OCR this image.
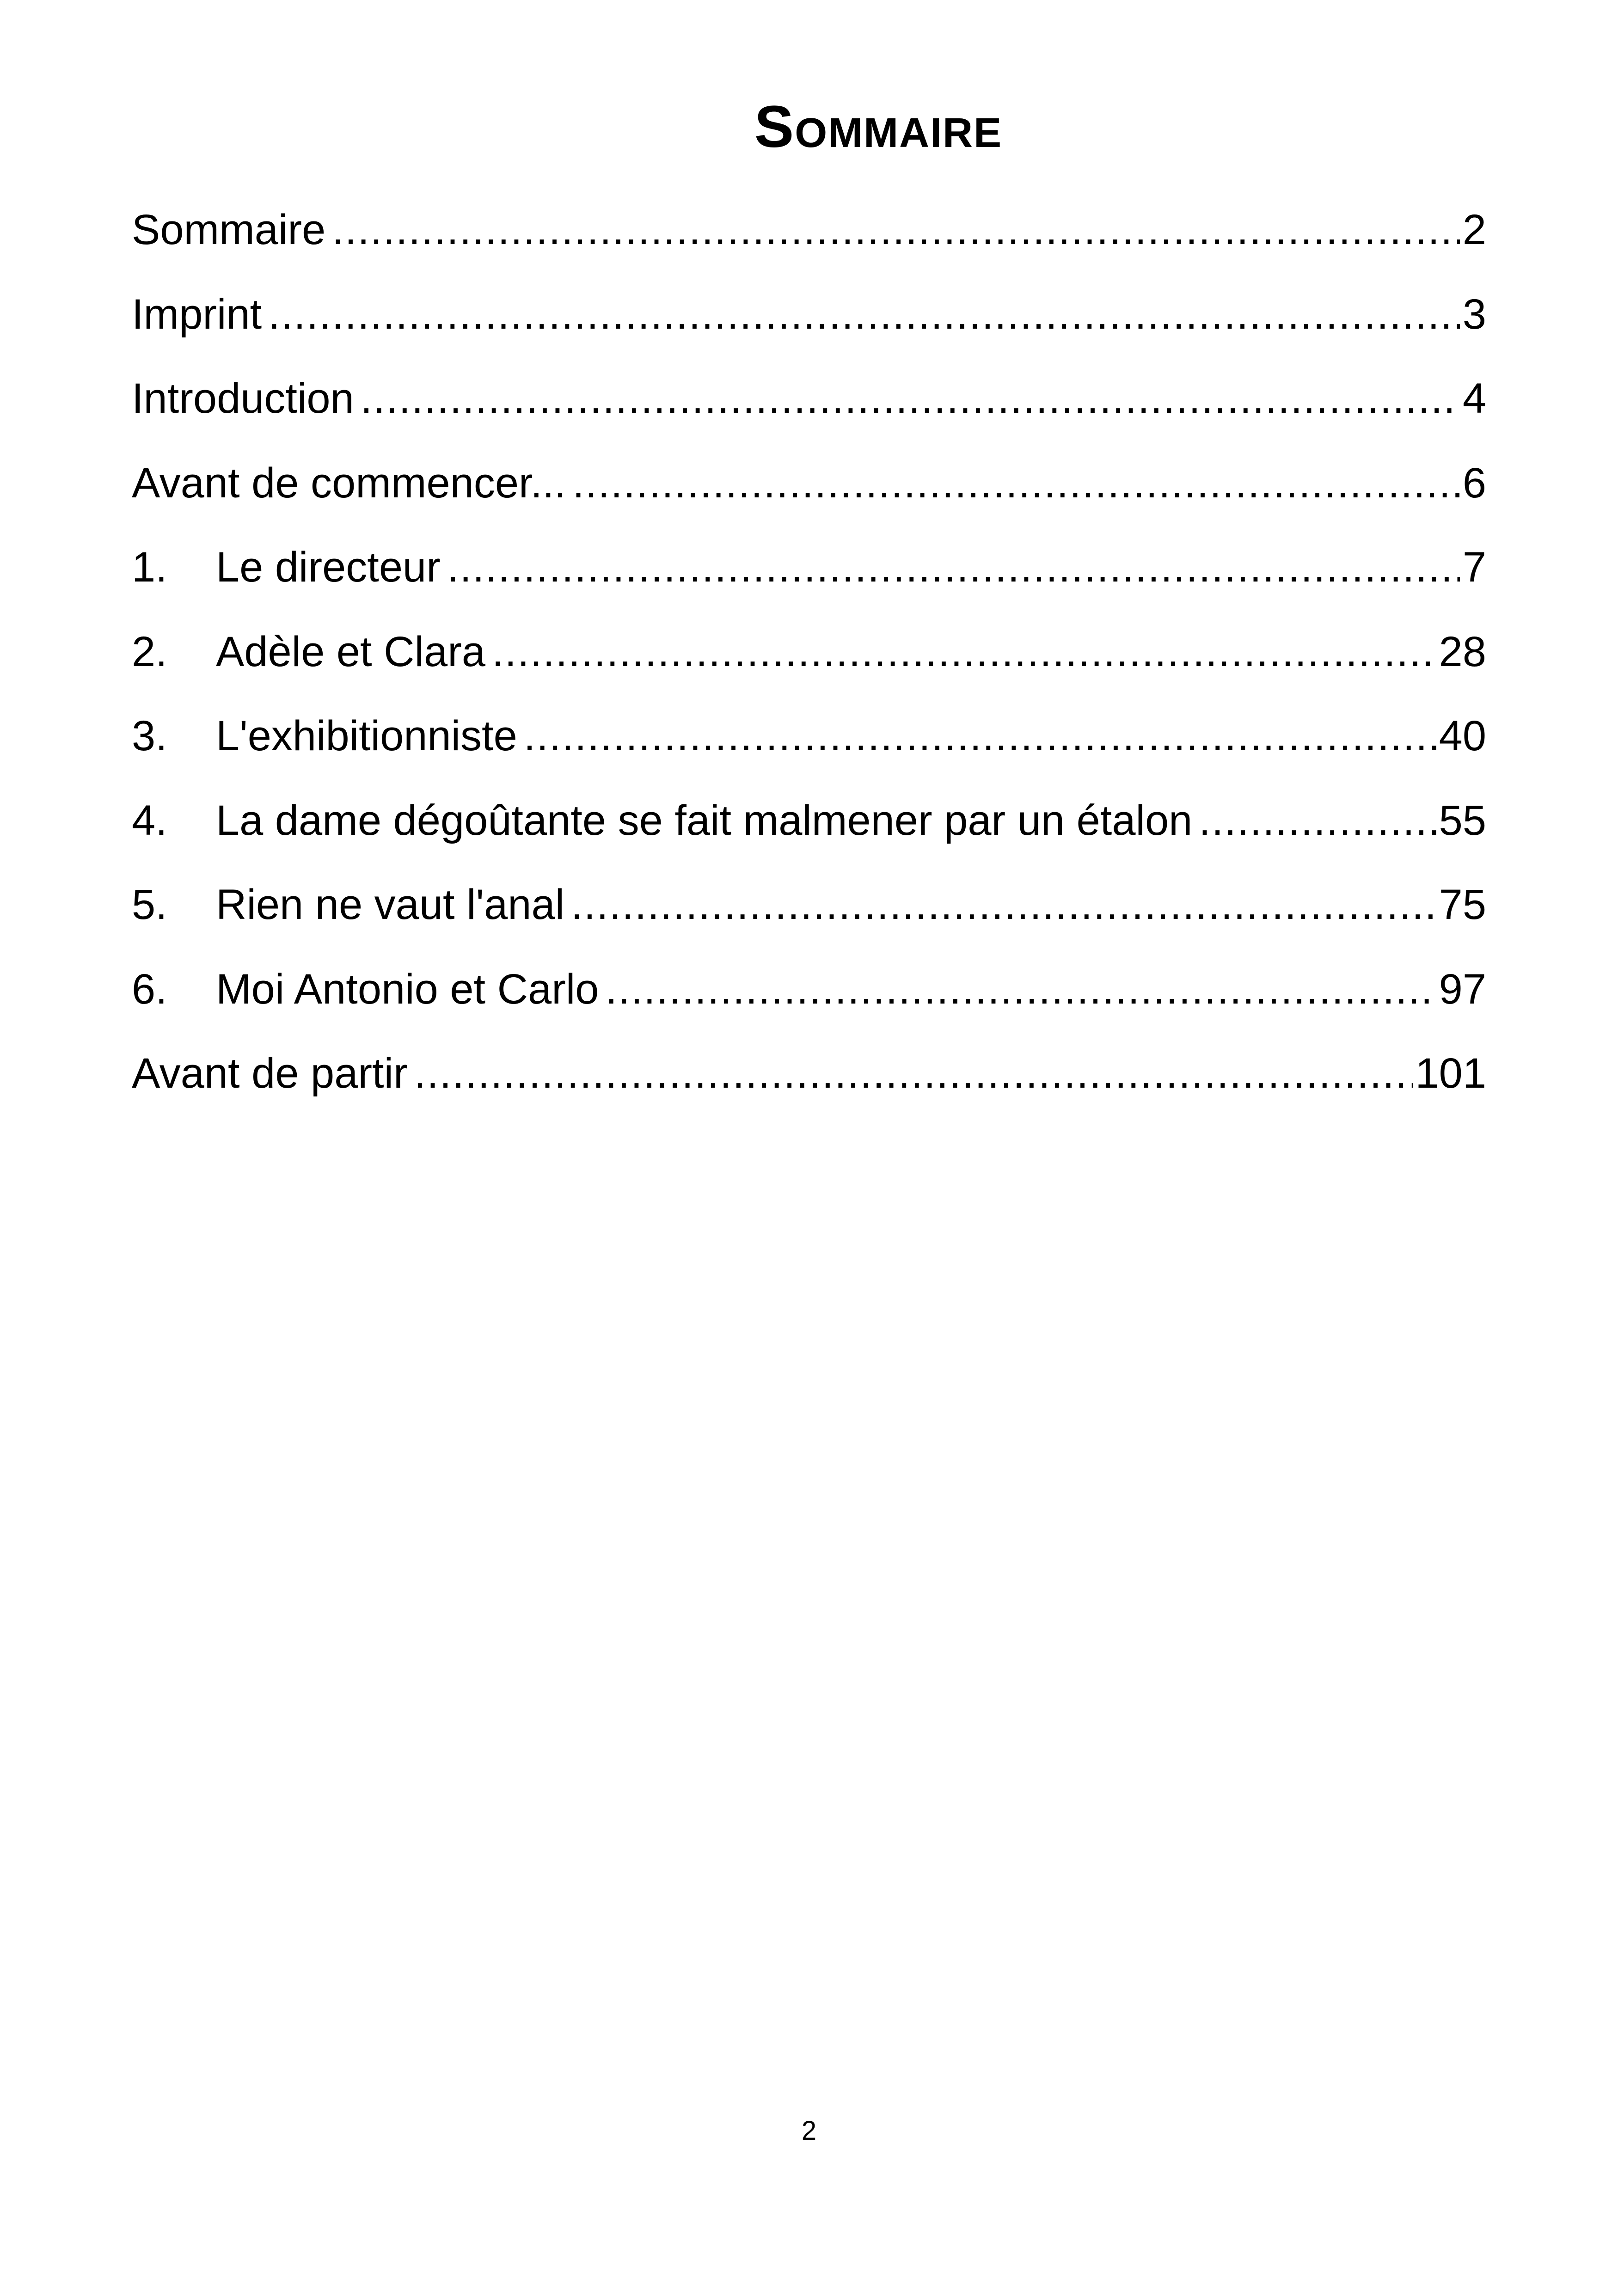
Sommaire
Sommaire .....	2
Imprint .....	3
Introduction .....	4
Avant de commencer... .....	6
1.	Le directeur .....	7
2.	Adèle et Clara .....	28
3.	L'exhibitionniste .....	40
4.	La dame dégoûtante se fait malmener par un étalon .....	55
5.	Rien ne vaut l'anal .....	75
6.	Moi Antonio et Carlo .....	97
Avant de partir .....	101
2
